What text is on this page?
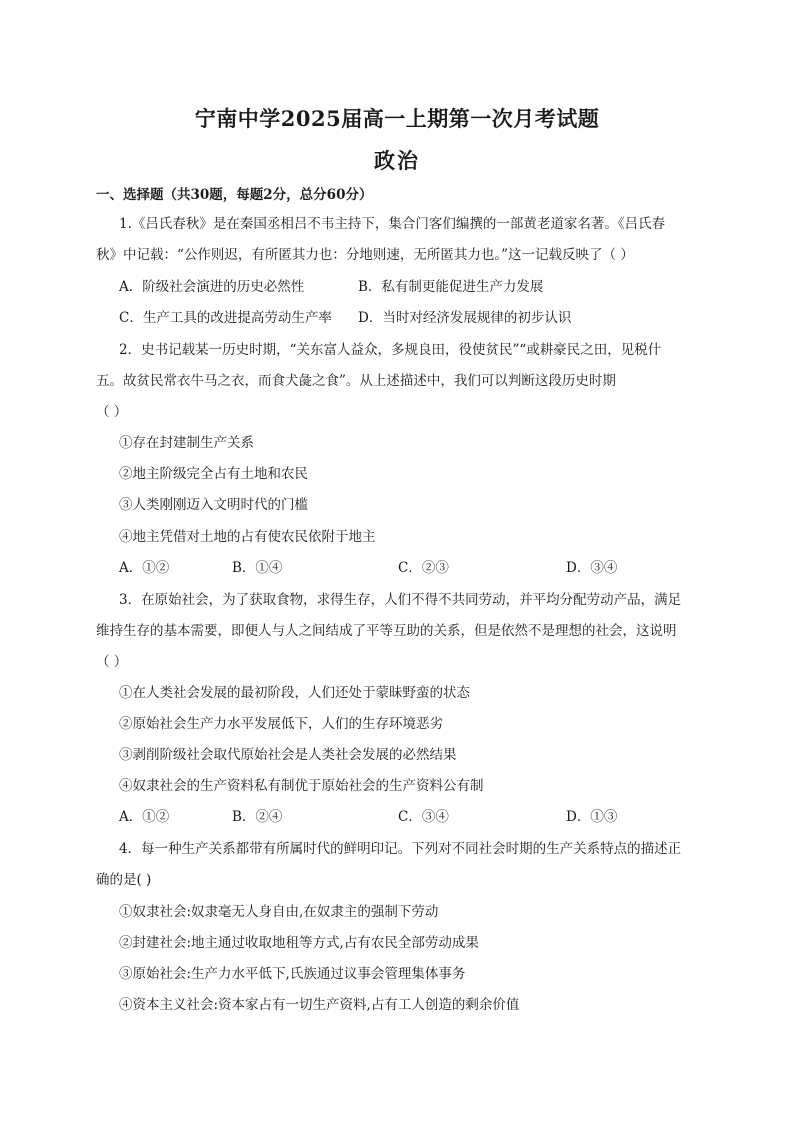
宁南中学2025届高一上期第一次月考试题
政治
一、选择题（共30题，每题2分，总分60分）
1.《吕氏春秋》是在秦国丞相吕不韦主持下，集合门客们编撰的一部黄老道家名著。《吕氏春
秋》中记载：“公作则迟，有所匿其力也：分地则速，无所匿其力也。”这一记载反映了（ ）
A．阶级社会演进的历史必然性	B．私有制更能促进生产力发展
C．生产工具的改进提高劳动生产率 D．当时对经济发展规律的初步认识
2．史书记载某一历史时期，“关东富人益众，多规良田，役使贫民”“或耕豪民之田，见税什
五。故贫民常衣牛马之衣，而食犬彘之食”。从上述描述中，我们可以判断这段历史时期
（ ）
①存在封建制生产关系
②地主阶级完全占有土地和农民
③人类刚刚迈入文明时代的门槛
④地主凭借对土地的占有使农民依附于地主
A．①②	B．①④	C．②③	D．③④
3．在原始社会，为了获取食物，求得生存，人们不得不共同劳动，并平均分配劳动产品，满足
维持生存的基本需要，即便人与人之间结成了平等互助的关系，但是依然不是理想的社会，这说明
（ ）
①在人类社会发展的最初阶段，人们还处于蒙昧野蛮的状态
②原始社会生产力水平发展低下，人们的生存环境恶劣
③剥削阶级社会取代原始社会是人类社会发展的必然结果
④奴隶社会的生产资料私有制优于原始社会的生产资料公有制
A．①②	B．②④	C．③④	D．①③
4．每一种生产关系都带有所属时代的鲜明印记。下列对不同社会时期的生产关系特点的描述正
确的是( )
①奴隶社会:奴隶毫无人身自由,在奴隶主的强制下劳动
②封建社会:地主通过收取地租等方式,占有农民全部劳动成果
③原始社会:生产力水平低下,氏族通过议事会管理集体事务
④资本主义社会:资本家占有一切生产资料,占有工人创造的剩余价值
